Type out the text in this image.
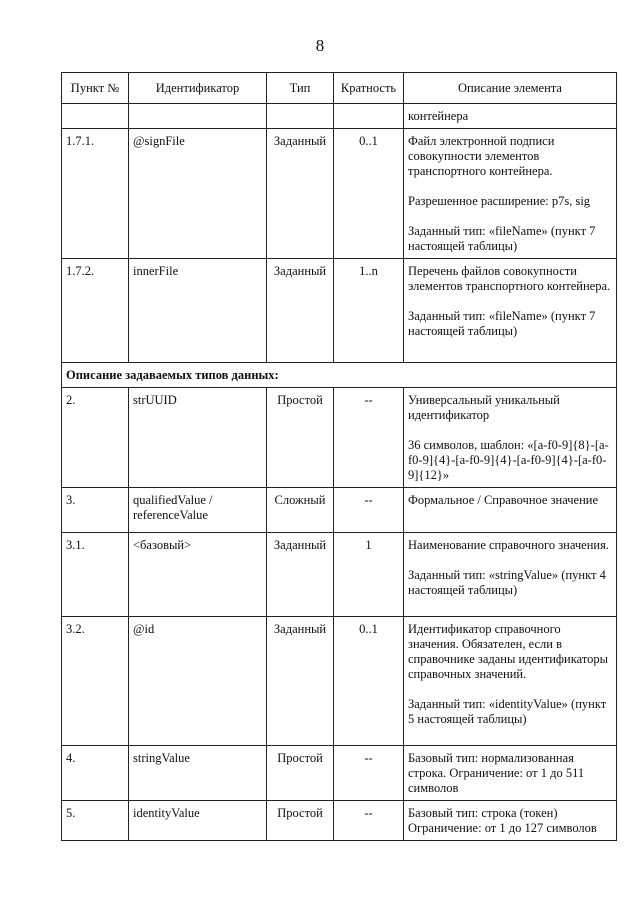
8
Пункт №	Идентификатор	Тип	Кратность	Описание элемента

				контейнера

1.7.1.	@signFile	Заданный	0..1	Файл электронной подписи совокупности элементов транспортного контейнера.

Разрешенное расширение: p7s, sig

Заданный тип: «fileName» (пункт 7 настоящей таблицы)

1.7.2.	innerFile	Заданный	1..n	Перечень файлов совокупности элементов транспортного контейнера.

Заданный тип: «fileName» (пункт 7 настоящей таблицы)

Описание задаваемых типов данных:				
2.	strUUID	Простой	--	Универсальный уникальный идентификатор

36 символов, шаблон: «[a-f0-9]{8}-[a-f0-9]{4}-[a-f0-9]{4}-[a-f0-9]{4}-[a-f0-9]{12}»

3.	qualifiedValue / referenceValue	Сложный	--	Формальное / Справочное значение

3.1.	<базовый>	Заданный	1	Наименование справочного значения.

Заданный тип: «stringValue» (пункт 4 настоящей таблицы)

3.2.	@id	Заданный	0..1	Идентификатор справочного значения. Обязателен, если в справочнике заданы идентификаторы справочных значений.

Заданный тип: «identityValue» (пункт 5 настоящей таблицы)

4.	stringValue	Простой	--	Базовый тип: нормализованная строка. Ограничение: от 1 до 511 символов

5.	identityValue	Простой	--	Базовый тип: строка (токен) Ограничение: от 1 до 127 символов
